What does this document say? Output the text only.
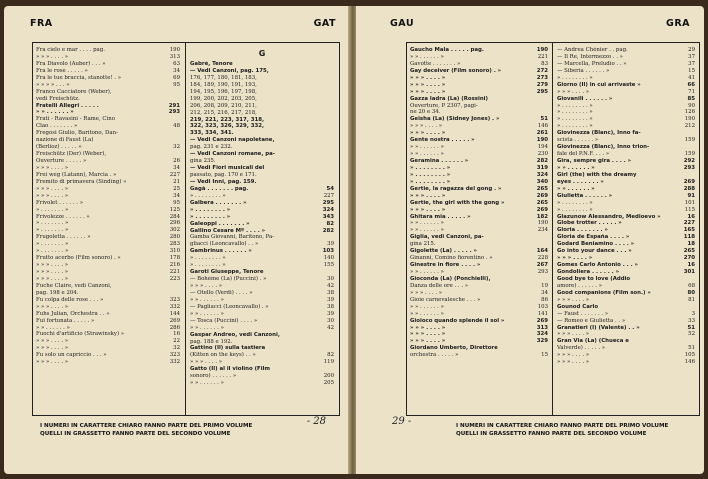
FRA	GAT
Fra cielo e mar . . . . pag.	190
» » » . . . . »	313
Fra Diavolo (Auber) . . . »	63
Fra le rose . . . . . »	34
Fra le tue braccia, stanotte! . »	69
» » » » . . . »	95
Franco Cacciatore (Weber),
vedi Freischütz.
Fratelli Allegri . . . . .	291
» » . . . . . . »	293
Frati - Ravasini - Rame, Cino
Clao . . . . . . . »	48
Fregosi Giulio, Baritono, Dan-
nazione di Faust (La)
(Berlioz) . . . . . »	32
Freischütz (Der) (Weber),
Ouverture . . . . . »	26
» » » . . . . »	34
Frei weg (Latann), Marcia . »	227
Fremito di primavera (Sinding) »	21
» » » . . . . »	25
» » » . . . . »	34
Frivolet . . . . . . »	95
» . . . . . . . »	125
Frivolezze . . . . . . »	284
» . . . . . . . »	296
» . . . . . . . »	302
Frugoletta . . . . . . »	280
» . . . . . . . »	283
» . . . . . . . »	310
Frutto acerbo (Film sonoro) . »	178
» » » . . . . »	216
» » » . . . . »	221
» » » . . . . »	223
Fuche Claire, vedi Canzoni,
pag. 198 e 204.
Fu colpa delle rose . . . »	323
» » » . . . . »	332
Fuhs Julian, Orchestra . . »	144
Fui fortunata . . . . . »	269
» » . . . . . . »	286
Fuochi d'artificio (Strawinsky) »	16
» » » . . . . »	22
» » » . . . . »	32
Fu solo un capriccio . . . »	323
» » » . . . . »	332
G
Gabrè, Tenore
— Vedi Canzoni, pag. 175,
176, 177, 180, 181, 183,
184, 189, 190, 191, 193,
194, 195, 196, 197, 198,
199, 200, 202, 203, 205,
206, 208, 209, 210, 211,
212, 215, 216, 217, 218,
219, 221, 223, 317, 318,
322, 323, 326, 329, 332,
333, 334, 341.
— Vedi Canzoni napoletane,
pag. 231 e 232.
— Vedi Canzoni romane, pa-
gina 235.
— Vedi Fiori musicali del
passato, pag. 170 e 171.
— Vedi Inni, pag. 159.
Gagà . . . . . . . pag.	54
» . . . . . . . . »	227
Galbera . . . . . . . »	295
» . . . . . . . . »	324
» . . . . . . . . »	343
Galeoppi . . . . . . . »	82
Gallino Cesare Mº . . . . »	282
Gamba Giovanni, Baritono, Pa-
gliacci (Leoncavallo) . . »	39
Gambrinus . . . . . . »	103
» . . . . . . . . »	140
» . . . . . . . . »	155
Garoti Giuseppe, Tenore
— Bohème (La) (Puccini) . »	30
» » » . . . . »	42
— Otello (Verdi) . . . . »	38
» » . . . . . . »	39
— Pagliacci (Leoncavallo) . »	38
» » . . . . . . »	39
— Tosca (Puccini) . . . . »	30
» » . . . . . . »	42
Gaspar Andreo, vedi Canzoni,
pag. 188 e 192.
Gattino (Il) sulla tastiera
(Kitten on the keys) . . »	82
» » » . . . . »	119
Gatto (Il) al il violino (Film
sonoro) . . . . . . »	200
» » . . . . . . »	205
- 28
I NUMERI IN CARATTERE CHIARO FANNO PARTE DEL PRIMO VOLUME
QUELLI IN GRASSETTO FANNO PARTE DEL SECONDO VOLUME
GAU	GRA
Gaucho Mala . . . . . pag.	190
» » . . . . . . »	221
Gavotte . . . . . . . »	83
Gay deceiver (Film sonoro) . »	272
» » » . . . . »	273
» » » . . . . »	279
» » » . . . . »	295
Gazza ladra (La) (Rossini)
Ouverture, P 2307, pagi-
ne 20 e 34.
Geisha (La) (Sidney Jones) . »	51
» » » . . . . »	146
» » » . . . . »	261
Gente nostra . . . . . »	190
» » . . . . . . »	194
» » . . . . . . »	230
Geramina . . . . . . »	282
» . . . . . . . . »	319
» . . . . . . . . »	324
» . . . . . . . . »	340
Gertie, la ragazza del gong . »	265
» » » . . . . »	269
Gertie, the girl with the gong »	265
» » » . . . . »	269
Ghitara mia . . . . . »	182
» » . . . . . . »	190
» » . . . . . . »	234
Giglia, vedi Canzoni, pa-
gina 215.
Gigolette (La) . . . . . »	164
Ginanni, Comino fiorentino . »	228
Ginestre in fiore . . . . »	267
» » . . . . . . »	293
Gioconda (La) (Ponchielli),
Danza delle ore . . . »	19
» » » . . . . »	34
Gioie carnevalesche . . . »	86
» » . . . . . . »	103
» » . . . . . . »	141
Gioioco quando splende il sol »	269
» » » . . . . »	313
» » » . . . . »	324
» » » . . . . »	329
Giordano Umberto, Direttore
orchestra . . . . . »	15
— Andrea Chénier . . pag.	29
— Il Re, Intermezzo . . »	37
— Marcella, Preludio . . »	37
— Siberia . . . . . . »	15
» . . . . . . . . »	41
Giorno (Il) in cui arrivaste »	66
» » » . . . . »	71
Giovanili . . . . . . »	85
» . . . . . . . . »	90
» . . . . . . . . »	126
» . . . . . . . . »	190
» . . . . . . . . »	212
Giovinezza (Blanc), Inno fa-
scista . . . . . . »	159
Giovinezza (Blanc), Inno trion-
fale del P.N.F. . . . »	159
Gira, sempre gira . . . . »	292
» » . . . . . . »	293
Girl (the) with the dreamy
eyes . . . . . . . »	269
» » . . . . . . »	288
Giulietta . . . . . . »	91
» . . . . . . . . »	101
» . . . . . . . . »	115
Glazunow Alessandro, Medioevo »	16
Globe trotter . . . . . »	227
Gloria . . . . . . . »	165
Gloria de España . . . . »	118
Godard Beniamino . . . . »	18
Go into your dance . . . »	265
» » » . . . . »	270
Gomes Carlo Antonio . . . »	16
Gondoliera . . . . . . »	301
Good bye to love (Addio
amore) . . . . . . »	68
Good companions (Film son.) »	80
» » » . . . . »	81
Gounod Carlo
— Faust . . . . . . . »	3
— Romeo e Giulietta . . »	33
Granatieri (I) (Valente) . . »	51
» » » . . . . »	52
Gran Via (La) (Chueca e
Valverde) . . . . . »	51
» » » . . . . »	105
» » » . . . . »	146
29 -	I NUMERI IN CARATTERE CHIARO FANNO PARTE DEL PRIMO VOLUME
QUELLI IN GRASSETTO FANNO PARTE DEL SECONDO VOLUME
